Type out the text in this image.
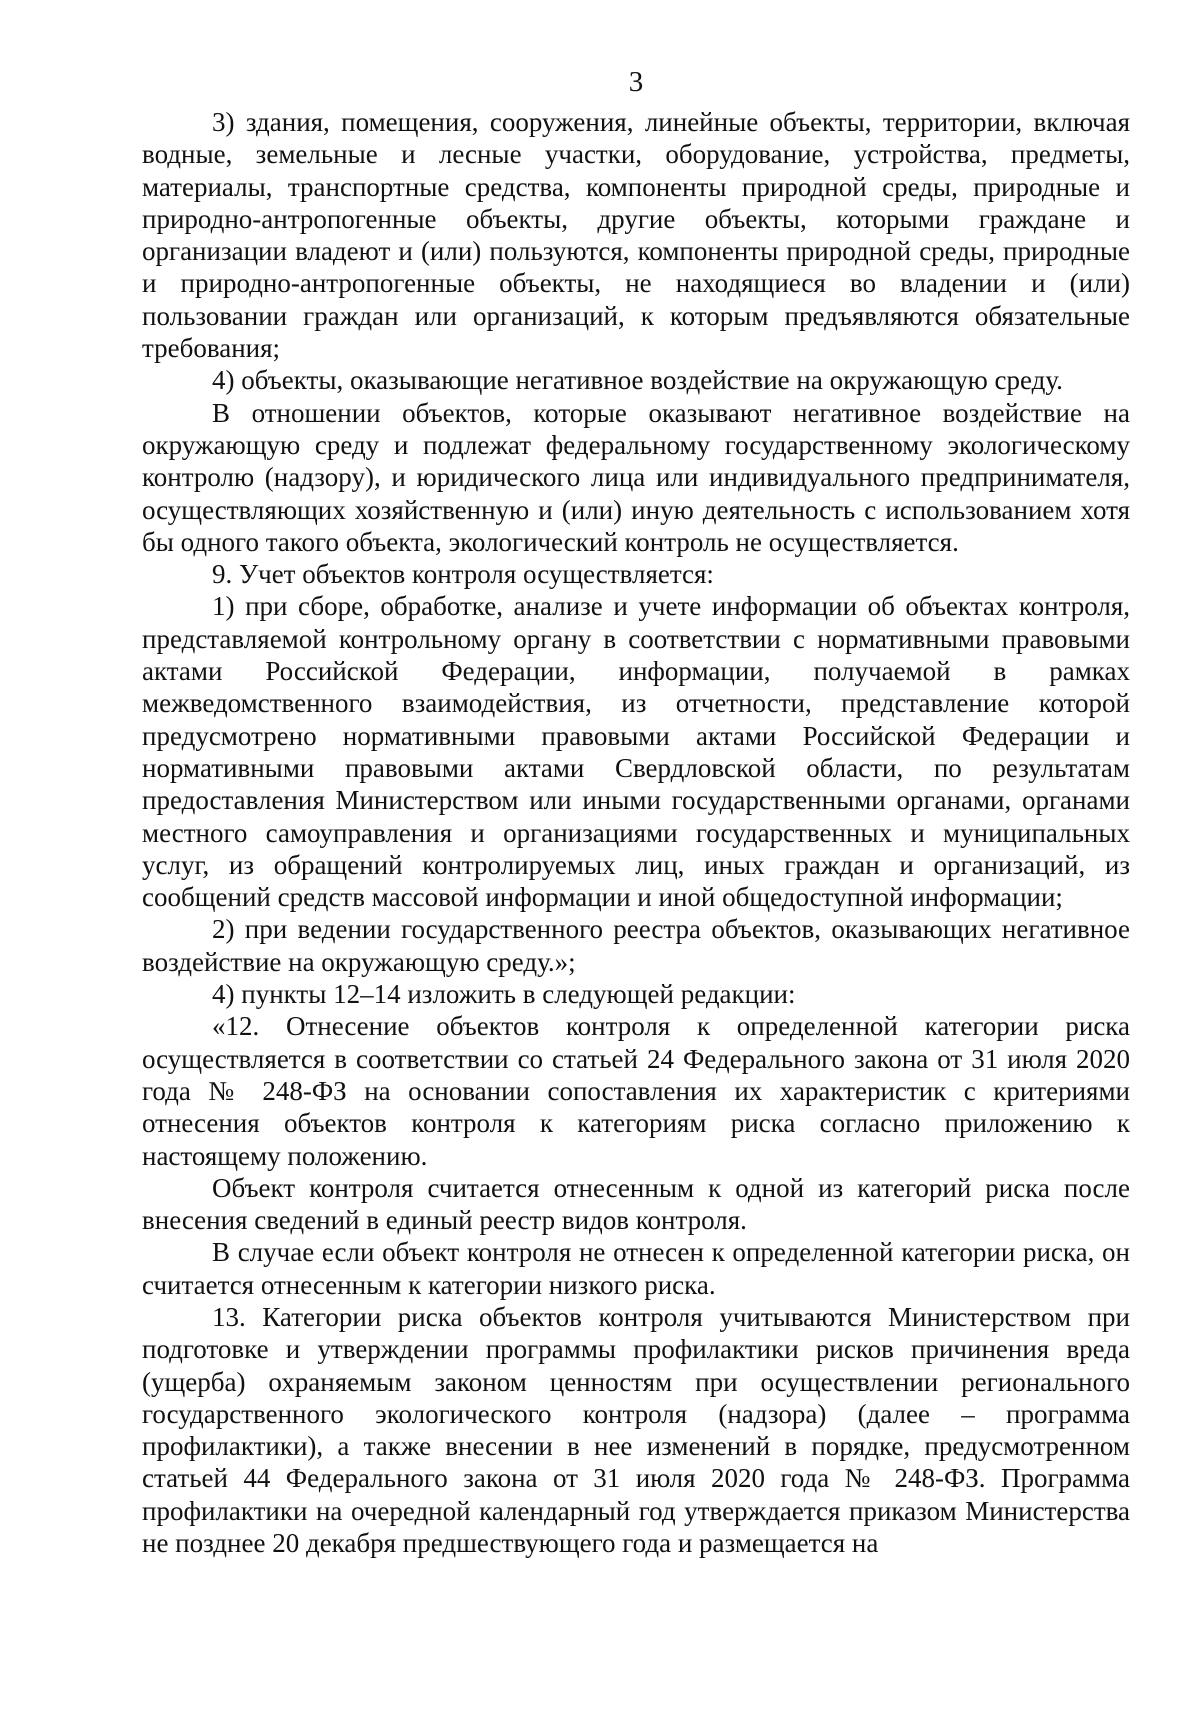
3

3) здания, помещения, сооружения, линейные объекты, территории, включая водные, земельные и лесные участки, оборудование, устройства, предметы, материалы, транспортные средства, компоненты природной среды, природные и природно-антропогенные объекты, другие объекты, которыми граждане и организации владеют и (или) пользуются, компоненты природной среды, природные и природно-антропогенные объекты, не находящиеся во владении и (или) пользовании граждан или организаций, к которым предъявляются обязательные требования;

4) объекты, оказывающие негативное воздействие на окружающую среду.

В отношении объектов, которые оказывают негативное воздействие на окружающую среду и подлежат федеральному государственному экологическому контролю (надзору), и юридического лица или индивидуального предпринимателя, осуществляющих хозяйственную и (или) иную деятельность с использованием хотя бы одного такого объекта, экологический контроль не осуществляется.

9. Учет объектов контроля осуществляется:

1) при сборе, обработке, анализе и учете информации об объектах контроля, представляемой контрольному органу в соответствии с нормативными правовыми актами Российской Федерации, информации, получаемой в рамках межведомственного взаимодействия, из отчетности, представление которой предусмотрено нормативными правовыми актами Российской Федерации и нормативными правовыми актами Свердловской области, по результатам предоставления Министерством или иными государственными органами, органами местного самоуправления и организациями государственных и муниципальных услуг, из обращений контролируемых лиц, иных граждан и организаций, из сообщений средств массовой информации и иной общедоступной информации;

2) при ведении государственного реестра объектов, оказывающих негативное воздействие на окружающую среду.»;

4) пункты 12–14 изложить в следующей редакции:

«12. Отнесение объектов контроля к определенной категории риска осуществляется в соответствии со статьей 24 Федерального закона от 31 июля 2020 года № 248-ФЗ на основании сопоставления их характеристик с критериями отнесения объектов контроля к категориям риска согласно приложению к настоящему положению.

Объект контроля считается отнесенным к одной из категорий риска после внесения сведений в единый реестр видов контроля.

В случае если объект контроля не отнесен к определенной категории риска, он считается отнесенным к категории низкого риска.

13. Категории риска объектов контроля учитываются Министерством при подготовке и утверждении программы профилактики рисков причинения вреда (ущерба) охраняемым законом ценностям при осуществлении регионального государственного экологического контроля (надзора) (далее – программа профилактики), а также внесении в нее изменений в порядке, предусмотренном статьей 44 Федерального закона от 31 июля 2020 года № 248-ФЗ. Программа профилактики на очередной календарный год утверждается приказом Министерства не позднее 20 декабря предшествующего года и размещается на
